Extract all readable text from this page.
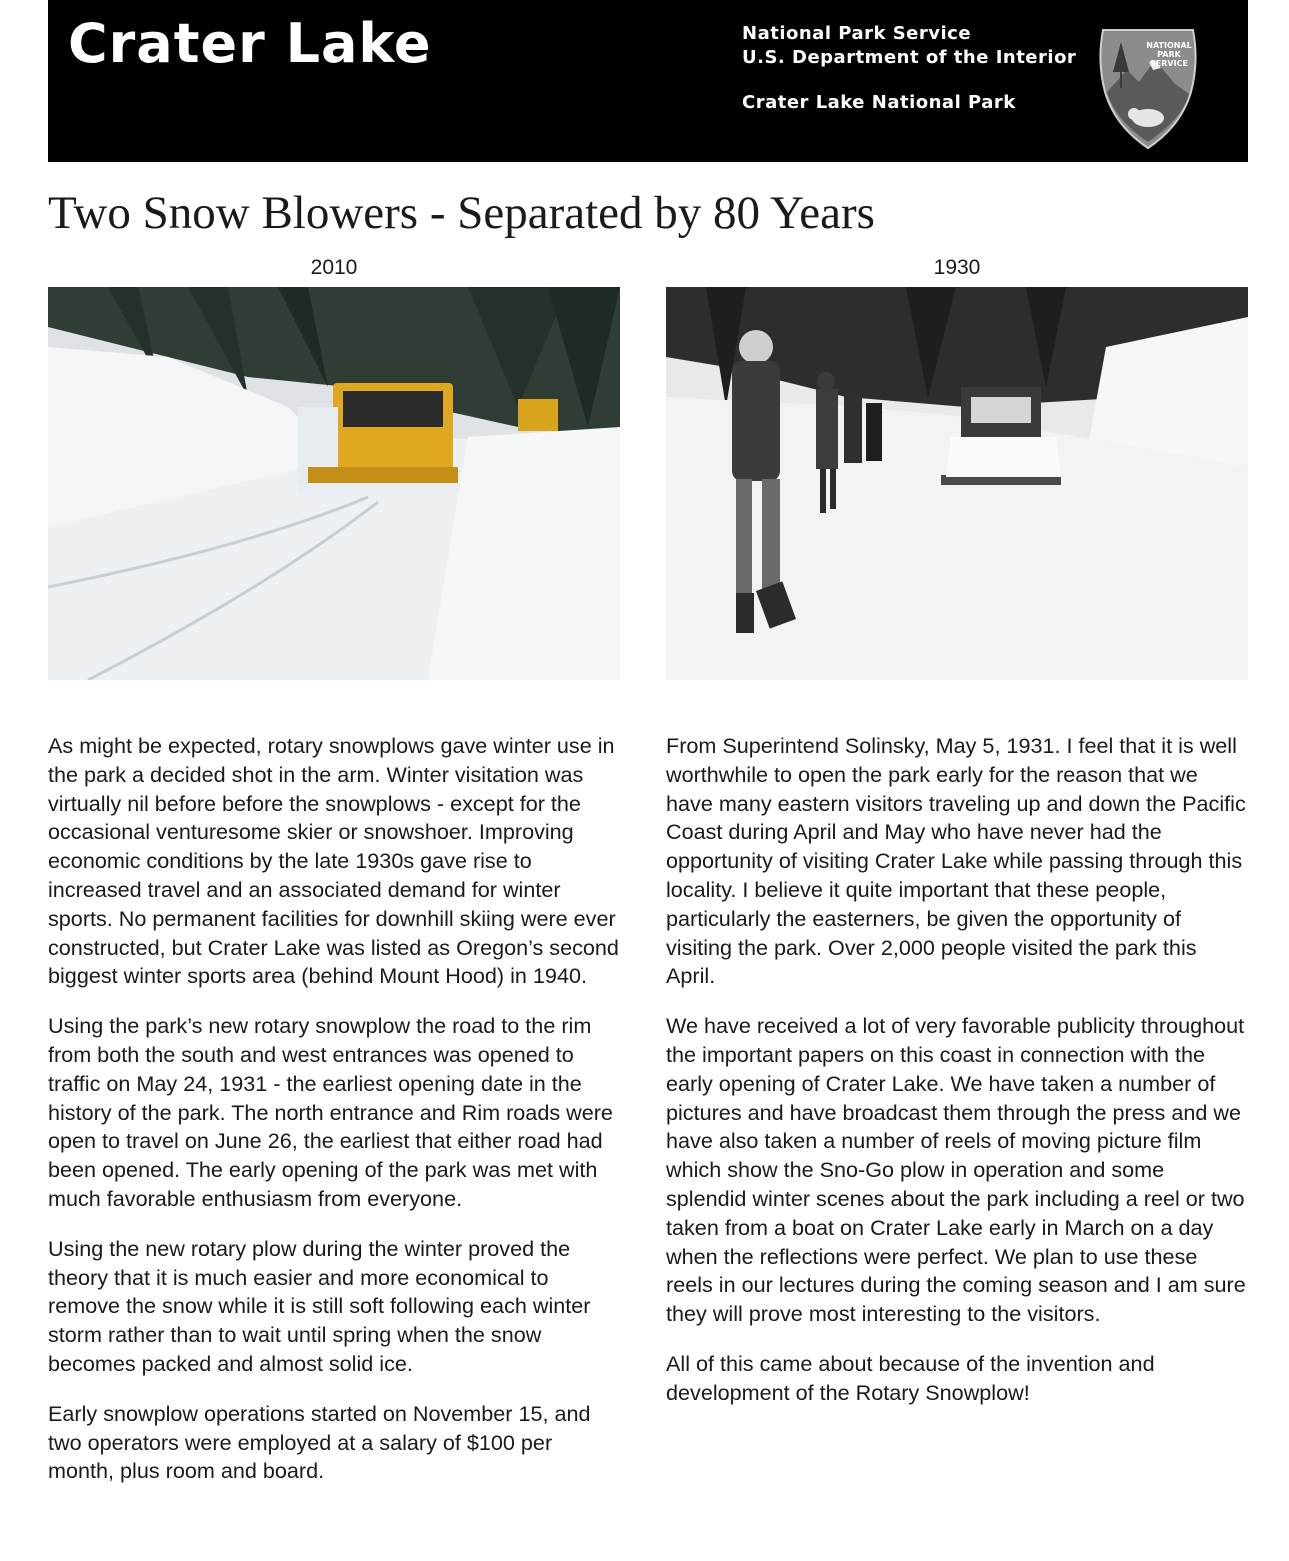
Crater Lake	National Park Service
U.S. Department of the Interior
Crater Lake National Park
NATIONAL
PARK
SERVICE
Two Snow Blowers - Separated by 80 Years
2010	1930

As might be expected, rotary snowplows gave winter use in the park a decided shot in the arm. Winter visitation was virtually nil before before the snowplows - except for the occasional venturesome skier or snowshoer. Improving economic conditions by the late 1930s gave rise to increased travel and an associated demand for winter sports. No permanent facilities for downhill skiing were ever constructed, but Crater Lake was listed as Oregon’s second biggest winter sports area (behind Mount Hood) in 1940.

Using the park’s new rotary snowplow the road to the rim from both the south and west entrances was opened to traffic on May 24, 1931 - the earliest opening date in the history of the park. The north entrance and Rim roads were open to travel on June 26, the earliest that either road had been opened. The early opening of the park was met with much favorable enthusiasm from everyone.

Using the new rotary plow during the winter proved the theory that it is much easier and more economical to remove the snow while it is still soft following each winter storm rather than to wait until spring when the snow becomes packed and almost solid ice.

Early snowplow operations started on November 15, and two operators were employed at a salary of $100 per month, plus room and board.

From Superintend Solinsky, May 5, 1931. I feel that it is well worthwhile to open the park early for the reason that we have many eastern visitors traveling up and down the Pacific Coast during April and May who have never had the opportunity of visiting Crater Lake while passing through this locality. I believe it quite important that these people, particularly the easterners, be given the opportunity of visiting the park. Over 2,000 people visited the park this April.

We have received a lot of very favorable publicity throughout the important papers on this coast in connection with the early opening of Crater Lake. We have taken a number of pictures and have broadcast them through the press and we have also taken a number of reels of moving picture film which show the Sno-Go plow in operation and some splendid winter scenes about the park including a reel or two taken from a boat on Crater Lake early in March on a day when the reflections were perfect. We plan to use these reels in our lectures during the coming season and I am sure they will prove most interesting to the visitors.

All of this came about because of the invention and development of the Rotary Snowplow!
